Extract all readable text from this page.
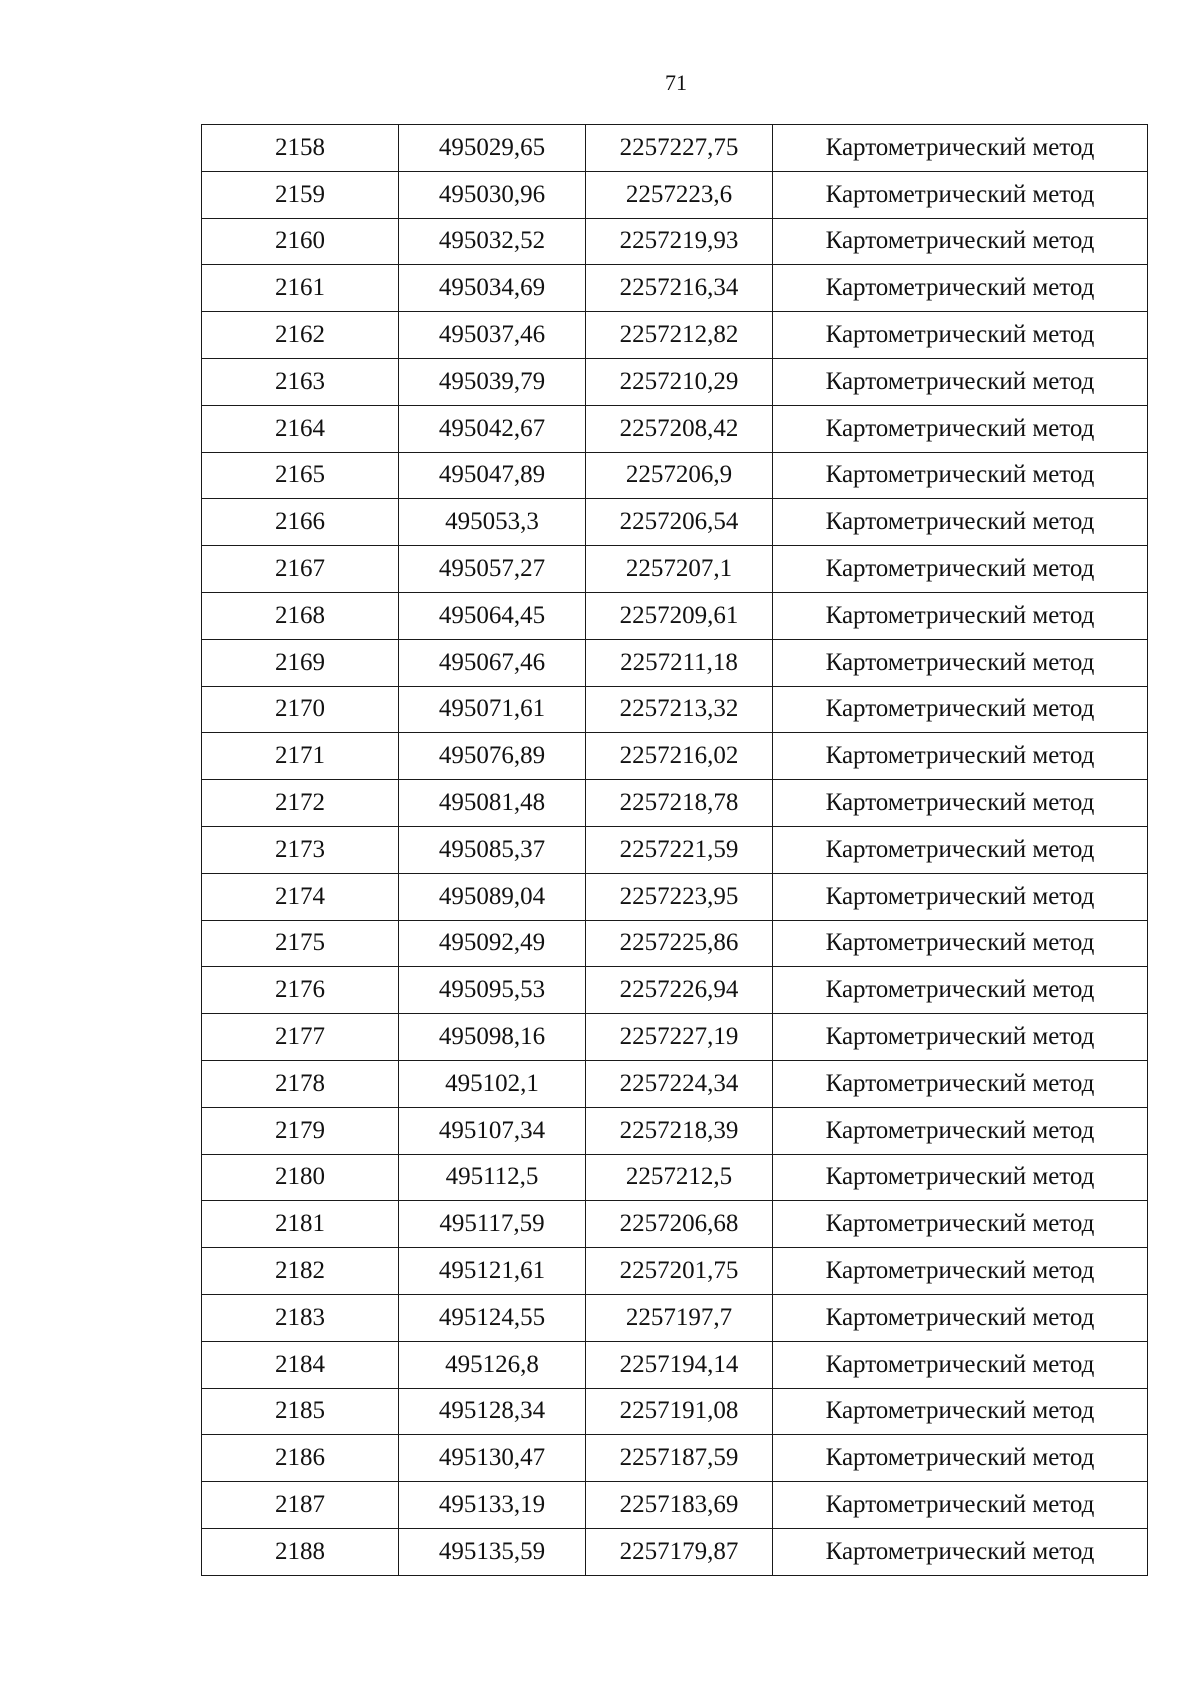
71
2158	495029,65	2257227,75	Картометрический метод
2159	495030,96	2257223,6	Картометрический метод
2160	495032,52	2257219,93	Картометрический метод
2161	495034,69	2257216,34	Картометрический метод
2162	495037,46	2257212,82	Картометрический метод
2163	495039,79	2257210,29	Картометрический метод
2164	495042,67	2257208,42	Картометрический метод
2165	495047,89	2257206,9	Картометрический метод
2166	495053,3	2257206,54	Картометрический метод
2167	495057,27	2257207,1	Картометрический метод
2168	495064,45	2257209,61	Картометрический метод
2169	495067,46	2257211,18	Картометрический метод
2170	495071,61	2257213,32	Картометрический метод
2171	495076,89	2257216,02	Картометрический метод
2172	495081,48	2257218,78	Картометрический метод
2173	495085,37	2257221,59	Картометрический метод
2174	495089,04	2257223,95	Картометрический метод
2175	495092,49	2257225,86	Картометрический метод
2176	495095,53	2257226,94	Картометрический метод
2177	495098,16	2257227,19	Картометрический метод
2178	495102,1	2257224,34	Картометрический метод
2179	495107,34	2257218,39	Картометрический метод
2180	495112,5	2257212,5	Картометрический метод
2181	495117,59	2257206,68	Картометрический метод
2182	495121,61	2257201,75	Картометрический метод
2183	495124,55	2257197,7	Картометрический метод
2184	495126,8	2257194,14	Картометрический метод
2185	495128,34	2257191,08	Картометрический метод
2186	495130,47	2257187,59	Картометрический метод
2187	495133,19	2257183,69	Картометрический метод
2188	495135,59	2257179,87	Картометрический метод
